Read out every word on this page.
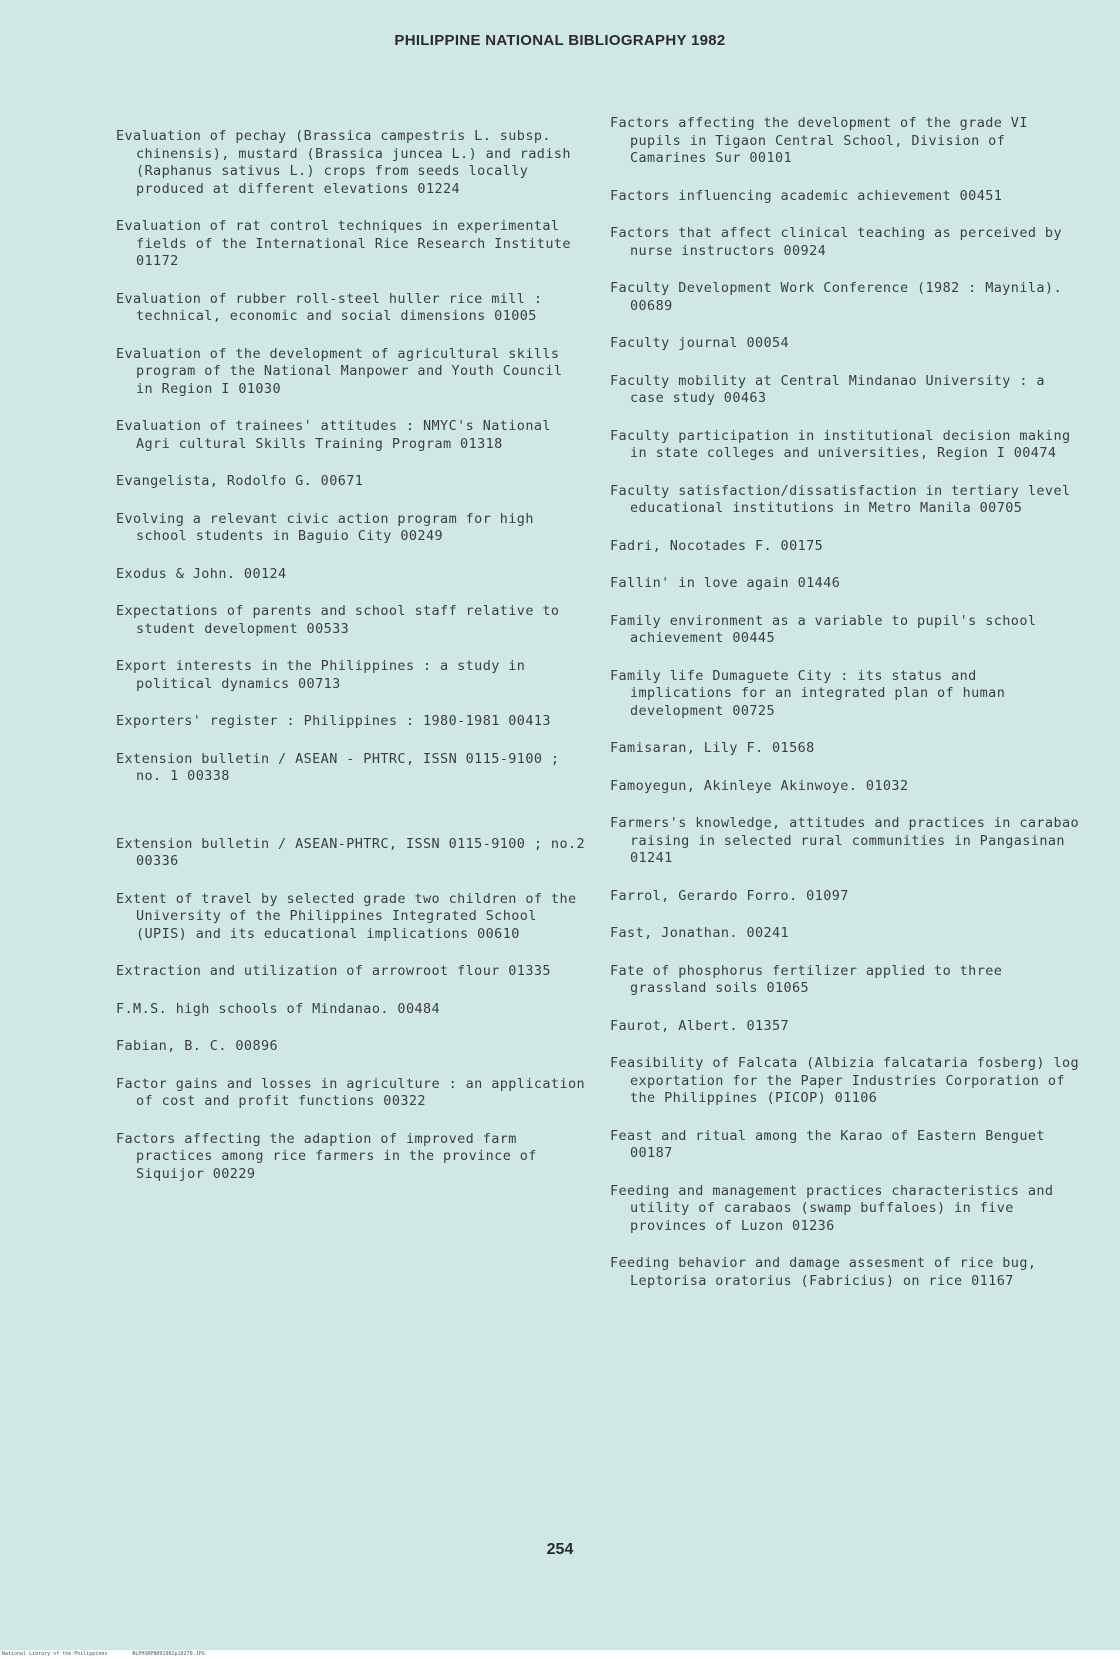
PHILIPPINE NATIONAL BIBLIOGRAPHY 1982
Evaluation of pechay (Brassica campestris L. subsp. chinensis), mustard (Brassica juncea L.) and radish (Raphanus sativus L.) crops from seeds locally produced at different elevations 01224
Evaluation of rat control techniques in experimental fields of the International Rice Research Institute 01172
Evaluation of rubber roll-steel huller rice mill : technical, economic and social dimensions 01005
Evaluation of the development of agricultural skills program of the National Manpower and Youth Council in Region I 01030
Evaluation of trainees' attitudes : NMYC's National Agri cultural Skills Training Program 01318
Evangelista, Rodolfo G. 00671
Evolving a relevant civic action program for high school students in Baguio City 00249
Exodus & John. 00124
Expectations of parents and school staff relative to student development 00533
Export interests in the Philippines : a study in political dynamics 00713
Exporters' register : Philippines : 1980-1981 00413
Extension bulletin / ASEAN - PHTRC, ISSN 0115-9100 ; no. 1 00338
Extension bulletin / ASEAN-PHTRC, ISSN 0115-9100 ; no.2 00336
Extent of travel by selected grade two children of the University of the Philippines Integrated School (UPIS) and its educational implications 00610
Extraction and utilization of arrowroot flour 01335
F.M.S. high schools of Mindanao. 00484
Fabian, B. C. 00896
Factor gains and losses in agriculture : an application of cost and profit functions 00322
Factors affecting the adaption of improved farm practices among rice farmers in the province of Siquijor 00229
Factors affecting the development of the grade VI pupils in Tigaon Central School, Division of Camarines Sur 00101
Factors influencing academic achievement 00451
Factors that affect clinical teaching as perceived by nurse instructors 00924
Faculty Development Work Conference (1982 : Maynila). 00689
Faculty journal 00054
Faculty mobility at Central Mindanao University : a case study 00463
Faculty participation in institutional decision making in state colleges and universities, Region I 00474
Faculty satisfaction/dissatisfaction in tertiary level educational institutions in Metro Manila 00705
Fadri, Nocotades F. 00175
Fallin' in love again 01446
Family environment as a variable to pupil's school achievement 00445
Family life Dumaguete City : its status and implications for an integrated plan of human development 00725
Famisaran, Lily F. 01568
Famoyegun, Akinleye Akinwoye. 01032
Farmers's knowledge, attitudes and practices in carabao raising in selected rural communities in Pangasinan 01241
Farrol, Gerardo Forro. 01097
Fast, Jonathan. 00241
Fate of phosphorus fertilizer applied to three grassland soils 01065
Faurot, Albert. 01357
Feasibility of Falcata (Albizia falcataria fosberg) log exportation for the Paper Industries Corporation of the Philippines (PICOP) 01106
Feast and ritual among the Karao of Eastern Benguet 00187
Feeding and management practices characteristics and utility of carabaos (swamp buffaloes) in five provinces of Luzon 01236
Feeding behavior and damage assesment of rice bug, Leptorisa oratorius (Fabricius) on rice 01167
254
National Library of the Philippines	NLPHSRPN091982p10270.JPG
